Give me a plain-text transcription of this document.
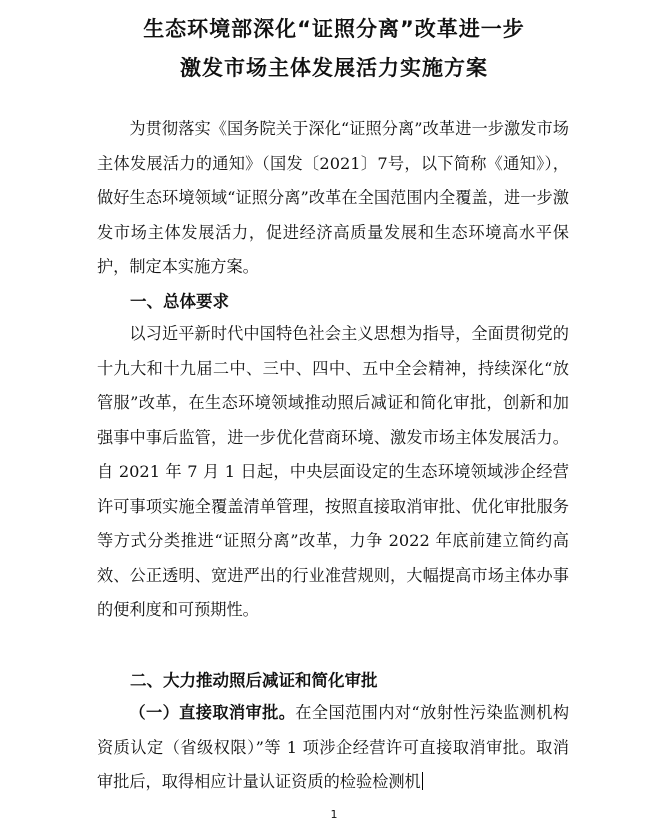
生态环境部深化“证照分离”改革进一步
激发市场主体发展活力实施方案

为贯彻落实《国务院关于深化“证照分离”改革进一步激发市场主体发展活力的通知》（国发〔2021〕7号，以下简称《通知》），做好生态环境领域“证照分离”改革在全国范围内全覆盖，进一步激发市场主体发展活力，促进经济高质量发展和生态环境高水平保护，制定本实施方案。

一、总体要求

以习近平新时代中国特色社会主义思想为指导，全面贯彻党的十九大和十九届二中、三中、四中、五中全会精神，持续深化“放管服”改革，在生态环境领域推动照后减证和简化审批，创新和加强事中事后监管，进一步优化营商环境、激发市场主体发展活力。自 2021 年 7 月 1 日起，中央层面设定的生态环境领域涉企经营许可事项实施全覆盖清单管理，按照直接取消审批、优化审批服务等方式分类推进“证照分离”改革，力争 2022 年底前建立简约高效、公正透明、宽进严出的行业准营规则，大幅提高市场主体办事的便利度和可预期性。

二、大力推动照后减证和简化审批

（一）直接取消审批。在全国范围内对“放射性污染监测机构资质认定（省级权限）”等 1 项涉企经营许可直接取消审批。取消审批后，取得相应计量认证资质的检验检测机

1
